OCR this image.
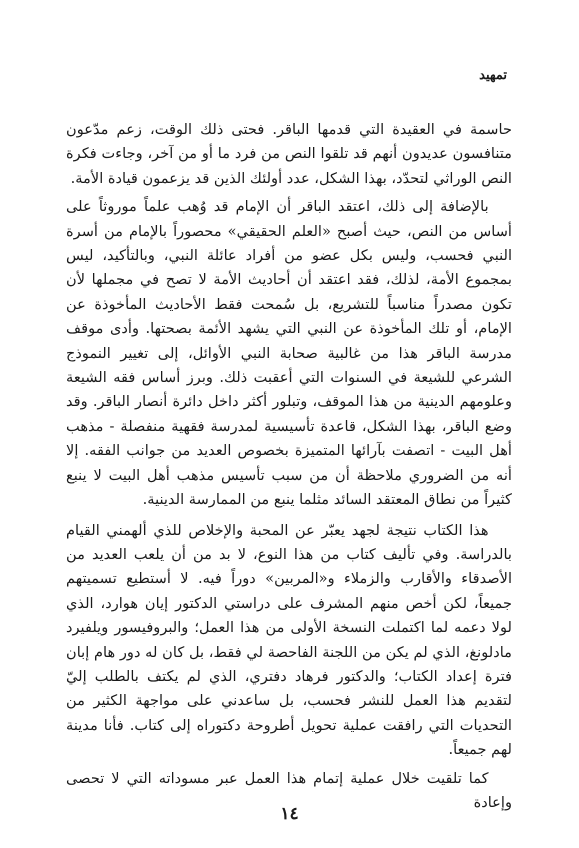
تمهيد

حاسمة في العقيدة التي قدمها الباقر. فحتى ذلك الوقت، زعم مدّعون متنافسون عديدون أنهم قد تلقوا النص من فرد ما أو من آخر، وجاءت فكرة النص الوراثي لتحدّد، بهذا الشكل، عدد أولئك الذين قد يزعمون قيادة الأمة.

بالإضافة إلى ذلك، اعتقد الباقر أن الإمام قد وُهب علماً موروثاً على أساس من النص، حيث أصبح «العلم الحقيقي» محصوراً بالإمام من أسرة النبي فحسب، وليس بكل عضو من أفراد عائلة النبي، وبالتأكيد، ليس بمجموع الأمة، لذلك، فقد اعتقد أن أحاديث الأمة لا تصح في مجملها لأن تكون مصدراً مناسباً للتشريع، بل سُمحت فقط الأحاديث المأخوذة عن الإمام، أو تلك المأخوذة عن النبي التي يشهد الأئمة بصحتها. وأدى موقف مدرسة الباقر هذا من غالبية صحابة النبي الأوائل، إلى تغيير النموذج الشرعي للشيعة في السنوات التي أعقبت ذلك. وبرز أساس فقه الشيعة وعلومهم الدينية من هذا الموقف، وتبلور أكثر داخل دائرة أنصار الباقر. وقد وضع الباقر، بهذا الشكل، قاعدة تأسيسية لمدرسة فقهية منفصلة - مذهب أهل البيت - اتصفت بآرائها المتميزة بخصوص العديد من جوانب الفقه. إلا أنه من الضروري ملاحظة أن من سبب تأسيس مذهب أهل البيت لا ينبع كثيراً من نطاق المعتقد السائد مثلما ينبع من الممارسة الدينية.

هذا الكتاب نتيجة لجهد يعبّر عن المحبة والإخلاص للذي ألهمني القيام بالدراسة. وفي تأليف كتاب من هذا النوع، لا بد من أن يلعب العديد من الأصدقاء والأقارب والزملاء و«المربين» دوراً فيه. لا أستطيع تسميتهم جميعاً، لكن أخص منهم المشرف على دراستي الدكتور إيان هوارد، الذي لولا دعمه لما اكتملت النسخة الأولى من هذا العمل؛ والبروفيسور ويلفيرد مادلونغ، الذي لم يكن من اللجنة الفاحصة لي فقط، بل كان له دور هام إبان فترة إعداد الكتاب؛ والدكتور فرهاد دفتري، الذي لم يكتف بالطلب إليّ لتقديم هذا العمل للنشر فحسب، بل ساعدني على مواجهة الكثير من التحديات التي رافقت عملية تحويل أطروحة دكتوراه إلى كتاب. فأنا مدينة لهم جميعاً.

كما تلقيت خلال عملية إتمام هذا العمل عبر مسوداته التي لا تحصى وإعادة

١٤
